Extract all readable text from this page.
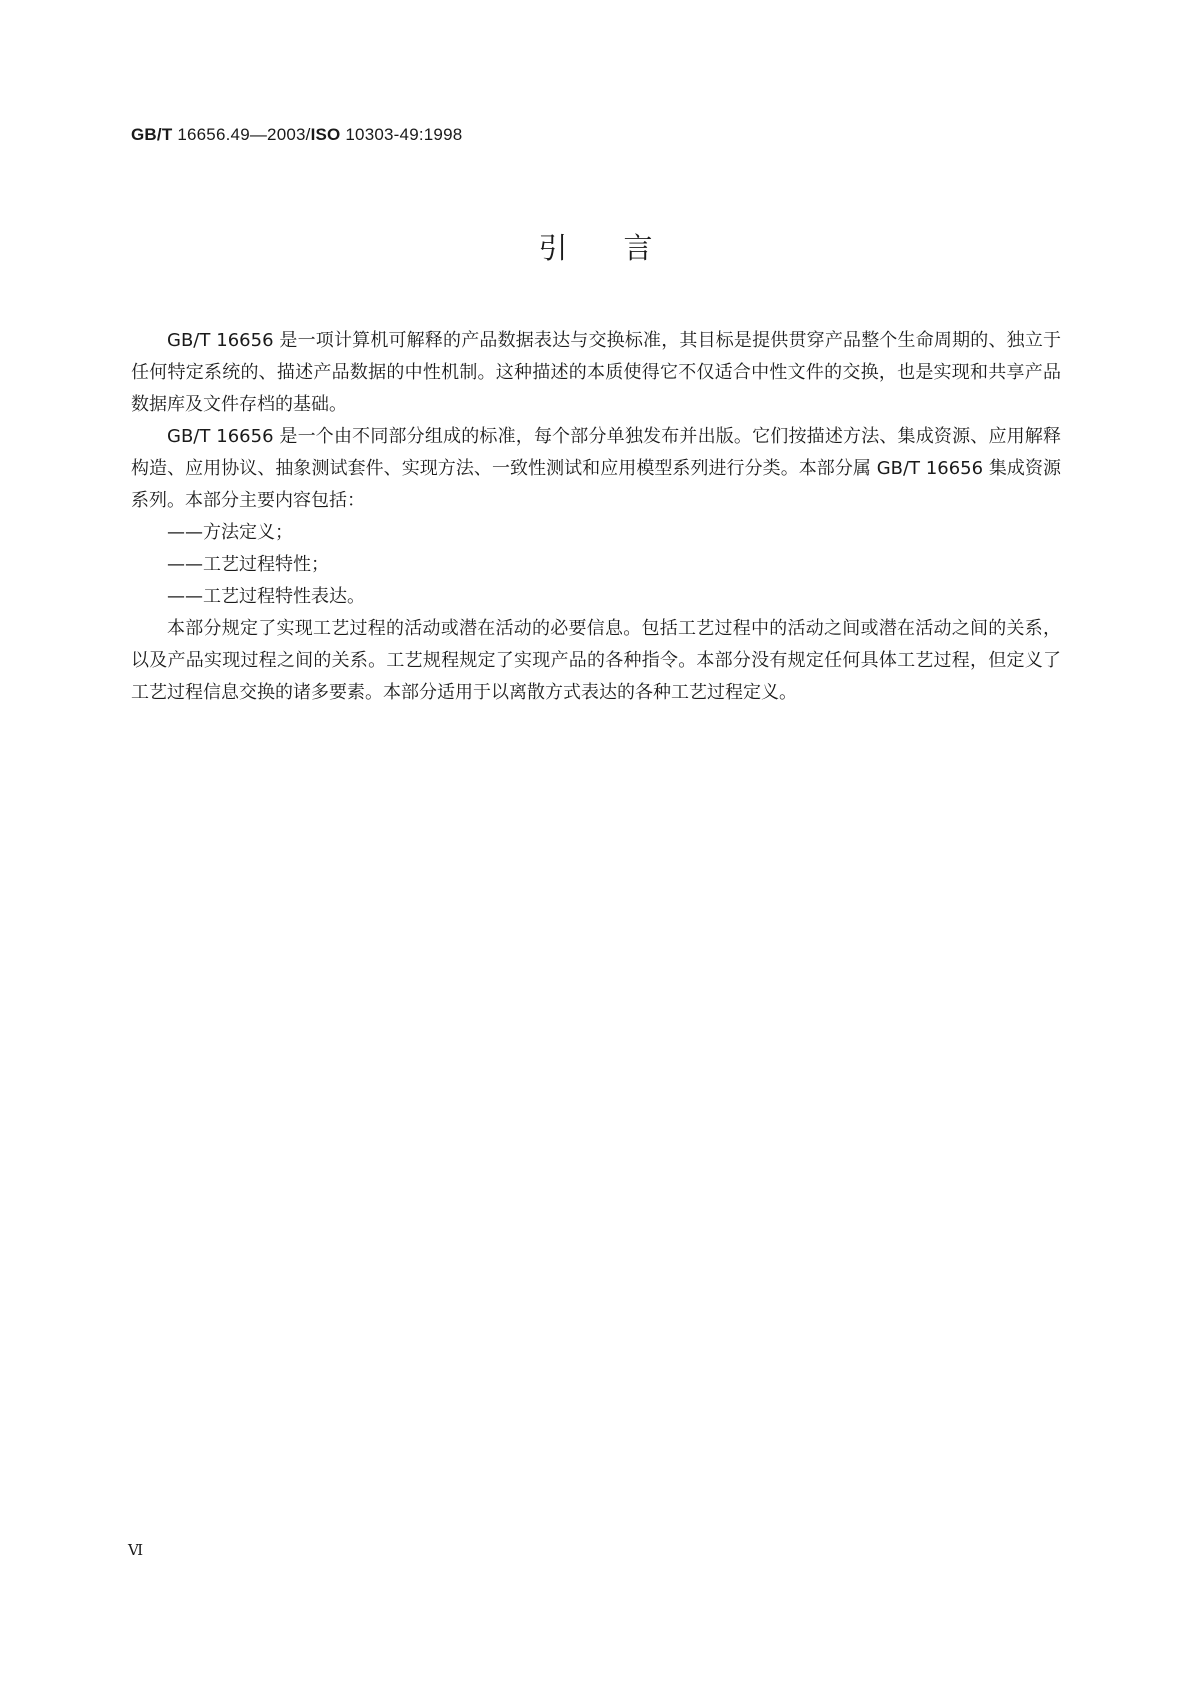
GB/T 16656.49—2003/ISO 10303-49:1998
引言

GB/T 16656 是一项计算机可解释的产品数据表达与交换标准，其目标是提供贯穿产品整个生命周期的、独立于任何特定系统的、描述产品数据的中性机制。这种描述的本质使得它不仅适合中性文件的交换，也是实现和共享产品数据库及文件存档的基础。

GB/T 16656 是一个由不同部分组成的标准，每个部分单独发布并出版。它们按描述方法、集成资源、应用解释构造、应用协议、抽象测试套件、实现方法、一致性测试和应用模型系列进行分类。本部分属 GB/T 16656 集成资源系列。本部分主要内容包括：

——方法定义；
——工艺过程特性；
——工艺过程特性表达。

本部分规定了实现工艺过程的活动或潜在活动的必要信息。包括工艺过程中的活动之间或潜在活动之间的关系，以及产品实现过程之间的关系。工艺规程规定了实现产品的各种指令。本部分没有规定任何具体工艺过程，但定义了工艺过程信息交换的诸多要素。本部分适用于以离散方式表达的各种工艺过程定义。

Ⅵ
